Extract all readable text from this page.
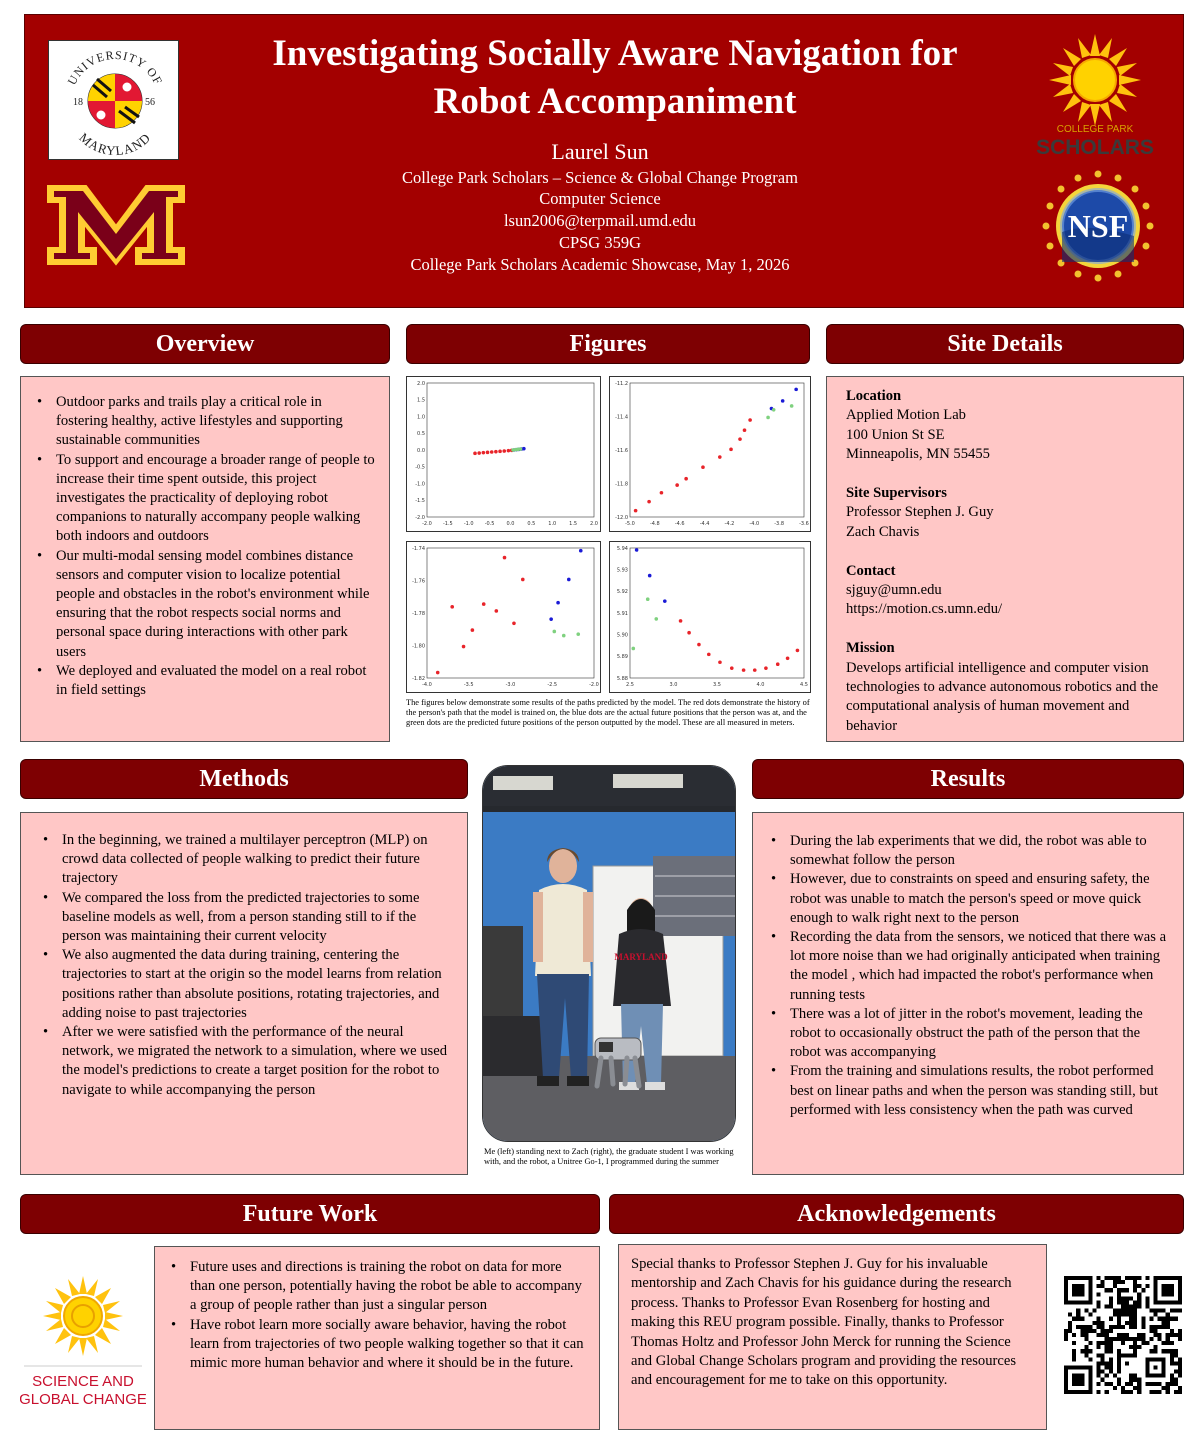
UNIVERSITY OF
MARYLAND
18	56
Investigating Socially Aware Navigation for
Robot Accompaniment
Laurel Sun
College Park Scholars – Science & Global Change Program
Computer Science
lsun2006@terpmail.umd.edu
CPSG 359G
College Park Scholars Academic Showcase, May 1, 2026
COLLEGE PARK
SCHOLARS
NSF
Overview
• Outdoor parks and trails play a critical role in fostering healthy, active lifestyles and supporting sustainable communities
• To support and encourage a broader range of people to increase their time spent outside, this project investigates the practicality of deploying robot companions to naturally accompany people walking both indoors and outdoors
• Our multi-modal sensing model combines distance sensors and computer vision to localize potential people and obstacles in the robot's environment while ensuring that the robot respects social norms and personal space during interactions with other park users
• We deployed and evaluated the model on a real robot in field settings
Figures
-2.0 -1.5 -1.0 -0.5 0.0	0.5	1.0	1.5	2.0
2.0
1.5
1.0
0.5
0.0
-0.5
-1.0
-1.5
-2.0
-5.0	-4.8	-4.6	-4.4	-4.2	-4.0	-3.8	-3.6
-11.2
-11.4
-11.6
-11.8
-12.0
-4.0	-3.5	-3.0	-2.5	-2.0
-1.74
-1.76
-1.78
-1.80
-1.82
2.5	3.0	3.5	4.0	4.5
5.94
5.93
5.92
5.91
5.90
5.89
5.88
The figures below demonstrate some results of the paths predicted by the model. The red dots demonstrate the history of the person's path that the model is trained on, the blue dots are the actual future positions that the person was at, and the green dots are the predicted future positions of the person outputted by the model. These are all measured in meters.
Site Details
Location
Applied Motion Lab
100 Union St SE
Minneapolis, MN 55455
Site Supervisors
Professor Stephen J. Guy
Zach Chavis
Contact
sjguy@umn.edu
https://motion.cs.umn.edu/
Mission
Develops artificial intelligence and computer vision technologies to advance autonomous robotics and the computational analysis of human movement and behavior
Methods
• In the beginning, we trained a multilayer perceptron (MLP) on crowd data collected of people walking to predict their future trajectory
• We compared the loss from the predicted trajectories to some baseline models as well, from a person standing still to if the person was maintaining their current velocity
• We also augmented the data during training, centering the trajectories to start at the origin so the model learns from relation positions rather than absolute positions, rotating trajectories, and adding noise to past trajectories
• After we were satisfied with the performance of the neural network, we migrated the network to a simulation, where we used the model's predictions to create a target position for the robot to navigate to while accompanying the person
MARYLAND
Me (left) standing next to Zach (right), the graduate student I was working with, and the robot, a Unitree Go-1, I programmed during the summer
Results
• During the lab experiments that we did, the robot was able to somewhat follow the person
• However, due to constraints on speed and ensuring safety, the robot was unable to match the person's speed or move quick enough to walk right next to the person
• Recording the data from the sensors, we noticed that there was a lot more noise than we had originally anticipated when training the model , which had impacted the robot's performance when running tests
• There was a lot of jitter in the robot's movement, leading the robot to occasionally obstruct the path of the person that the robot was accompanying
• From the training and simulations results, the robot performed best on linear paths and when the person was standing still, but performed with less consistency when the path was curved
Future Work
SCIENCE AND
GLOBAL CHANGE
• Future uses and directions is training the robot on data for more than one person, potentially having the robot be able to accompany a group of people rather than just a singular person
• Have robot learn more socially aware behavior, having the robot learn from trajectories of two people walking together so that it can mimic more human behavior and where it should be in the future.
Acknowledgements
Special thanks to Professor Stephen J. Guy for his invaluable mentorship and Zach Chavis for his guidance during the research process. Thanks to Professor Evan Rosenberg for hosting and making this REU program possible. Finally, thanks to Professor Thomas Holtz and Professor John Merck for running the Science and Global Change Scholars program and providing the resources and encouragement for me to take on this opportunity.
